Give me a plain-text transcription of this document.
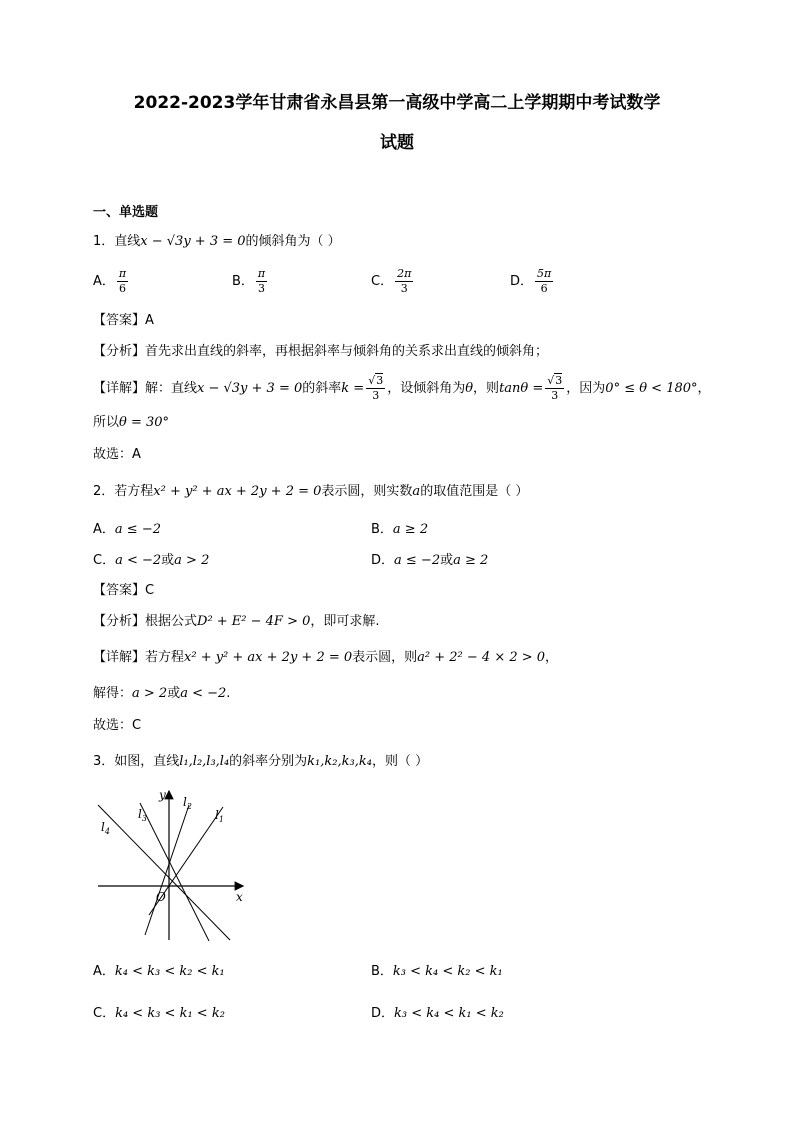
2022-2023学年甘肃省永昌县第一高级中学高二上学期期中考试数学
试题
一、单选题
1．直线x − √3y + 3 = 0的倾斜角为（ ）
A． $\frac{\pi}{6}$	B． $\frac{\pi}{3}$	C． $\frac{2\pi}{3}$	D． $\frac{5\pi}{6}$
【答案】A
【分析】首先求出直线的斜率，再根据斜率与倾斜角的关系求出直线的倾斜角；
【详解】解：直线x − √3y + 3 = 0的斜率$k = \frac{√3}{3}$ ，设倾斜角为θ，则$\tan\theta = \frac{√3}{3}$ ，因为0° ≤ θ < 180°，
所以θ = 30°
故选：A
2．若方程x² + y² + ax + 2y + 2 = 0表示圆，则实数a的取值范围是（ ）
A．a ≤ −2	B．a ≥ 2
C．a < −2或a > 2	D．a ≤ −2或a ≥ 2
【答案】C
【分析】根据公式D² + E² − 4F > 0，即可求解.
【详解】若方程x² + y² + ax + 2y + 2 = 0表示圆，则a² + 2² − 4 × 2 > 0，
解得：a > 2或a < −2.
故选：C
3．如图，直线l₁,l₂,l₃,l₄的斜率分别为k₁,k₂,k₃,k₄，则（ ）
y
x
O
$l_1$
$l_2$
$l_3$
$l_4$
A．k₄ < k₃ < k₂ < k₁	B．k₃ < k₄ < k₂ < k₁
C．k₄ < k₃ < k₁ < k₂	D．k₃ < k₄ < k₁ < k₂
